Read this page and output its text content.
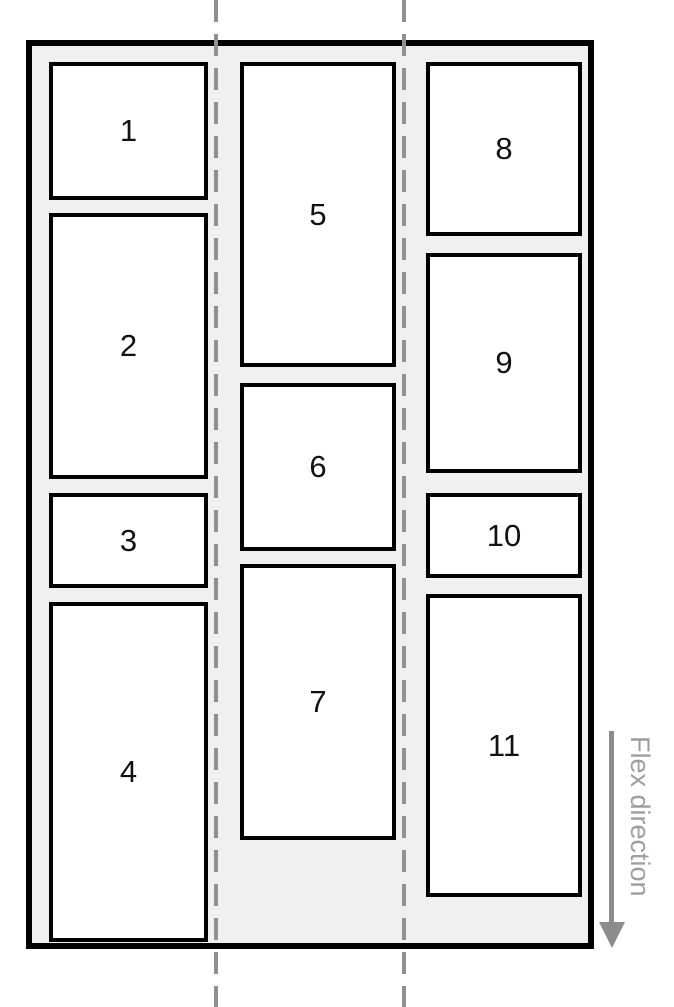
1
2
3
4
5
6
7
8
9
10
11	Flex direction
